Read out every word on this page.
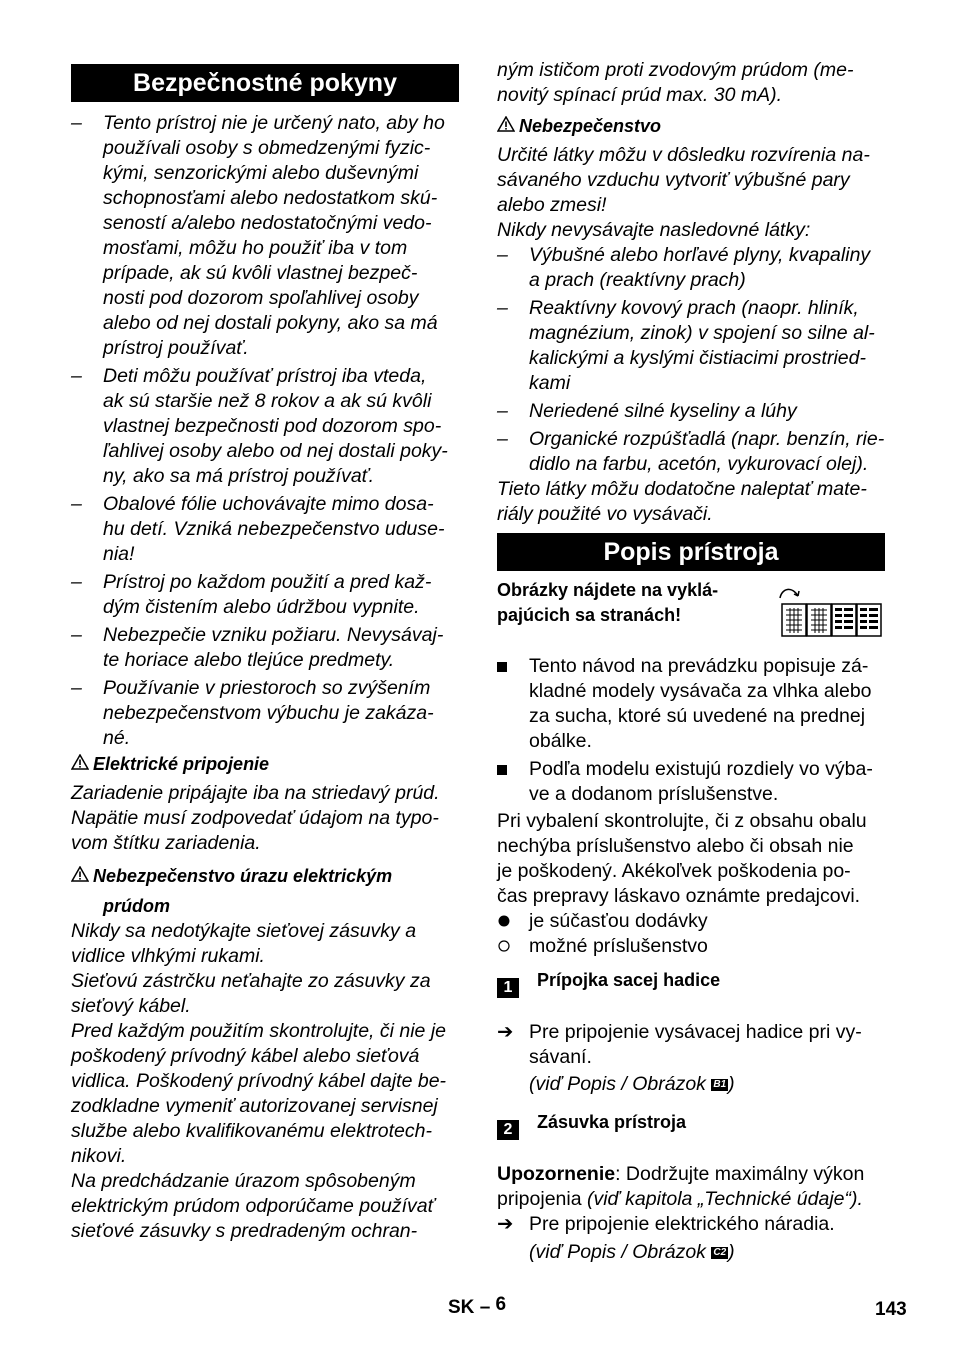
Bezpečnostné pokyny
– Tento prístroj nie je určený nato, aby ho
používali osoby s obmedzenými fyzic-
kými, senzorickými alebo duševnými
schopnosťami alebo nedostatkom skú-
seností a/alebo nedostatočnými vedo-
mosťami, môžu ho použiť iba v tom
prípade, ak sú kvôli vlastnej bezpeč-
nosti pod dozorom spoľahlivej osoby
alebo od nej dostali pokyny, ako sa má
prístroj používať.
– Deti môžu používať prístroj iba vteda,
ak sú staršie než 8 rokov a ak sú kvôli
vlastnej bezpečnosti pod dozorom spo-
ľahlivej osoby alebo od nej dostali poky-
ny, ako sa má prístroj používať.
– Obalové fólie uchovávajte mimo dosa-
hu detí. Vzniká nebezpečenstvo uduse-
nia!
– Prístroj po každom použití a pred kaž-
dým čistením alebo údržbou vypnite.
– Nebezpečie vzniku požiaru. Nevysávaj-
te horiace alebo tlejúce predmety.
– Používanie v priestoroch so zvýšením
nebezpečenstvom výbuchu je zakáza-
né.
Elektrické pripojenie
Zariadenie pripájajte iba na striedavý prúd.
Napätie musí zodpovedať údajom na typo-
vom štítku zariadenia.
Nebezpečenstvo úrazu elektrickým
prúdom
Nikdy sa nedotýkajte sieťovej zásuvky a
vidlice vlhkými rukami.
Sieťovú zástrčku neťahajte zo zásuvky za
sieťový kábel.
Pred každým použitím skontrolujte, či nie je
poškodený prívodný kábel alebo sieťová
vidlica. Poškodený prívodný kábel dajte be-
zodkladne vymeniť autorizovanej servisnej
službe alebo kvalifikovanému elektrotech-
nikovi.
Na predchádzanie úrazom spôsobeným
elektrickým prúdom odporúčame používať
sieťové zásuvky s predradeným ochran-
ným ističom proti zvodovým prúdom (me-
novitý spínací prúd max. 30 mA).
Nebezpečenstvo
Určité látky môžu v dôsledku rozvírenia na-
sávaného vzduchu vytvoriť výbušné pary
alebo zmesi!
Nikdy nevysávajte nasledovné látky:
– Výbušné alebo horľavé plyny, kvapaliny
a prach (reaktívny prach)
– Reaktívny kovový prach (naopr. hliník,
magnézium, zinok) v spojení so silne al-
kalickými a kyslými čistiacimi prostried-
kami
– Neriedené silné kyseliny a lúhy
– Organické rozpúšťadlá (napr. benzín, rie-
didlo na farbu, acetón, vykurovací olej).
Tieto látky môžu dodatočne naleptať mate-
riály použité vo vysávači.
Popis prístroja
Obrázky nájdete na vyklá-
pajúcich sa stranách!
Tento návod na prevádzku popisuje zá-
kladné modely vysávača za vlhka alebo
za sucha, ktoré sú uvedené na prednej
obálke.
Podľa modelu existujú rozdiely vo výba-
ve a dodanom príslušenstve.
Pri vybalení skontrolujte, či z obsahu obalu
nechýba príslušenstvo alebo či obsah nie
je poškodený. Akékoľvek poškodenia po-
čas prepravy láskavo oznámte predajcovi.
je súčasťou dodávky
možné príslušenstvo
1 Prípojka sacej hadice
➔ Pre pripojenie vysávacej hadice pri vy-
sávaní.
(viď Popis / Obrázok B1 )
2 Zásuvka prístroja
Upozornenie: Dodržujte maximálny výkon
pripojenia (viď kapitola „Technické údaje“).
➔ Pre pripojenie elektrického náradia.
(viď Popis / Obrázok C2 )
SK – 6	143
